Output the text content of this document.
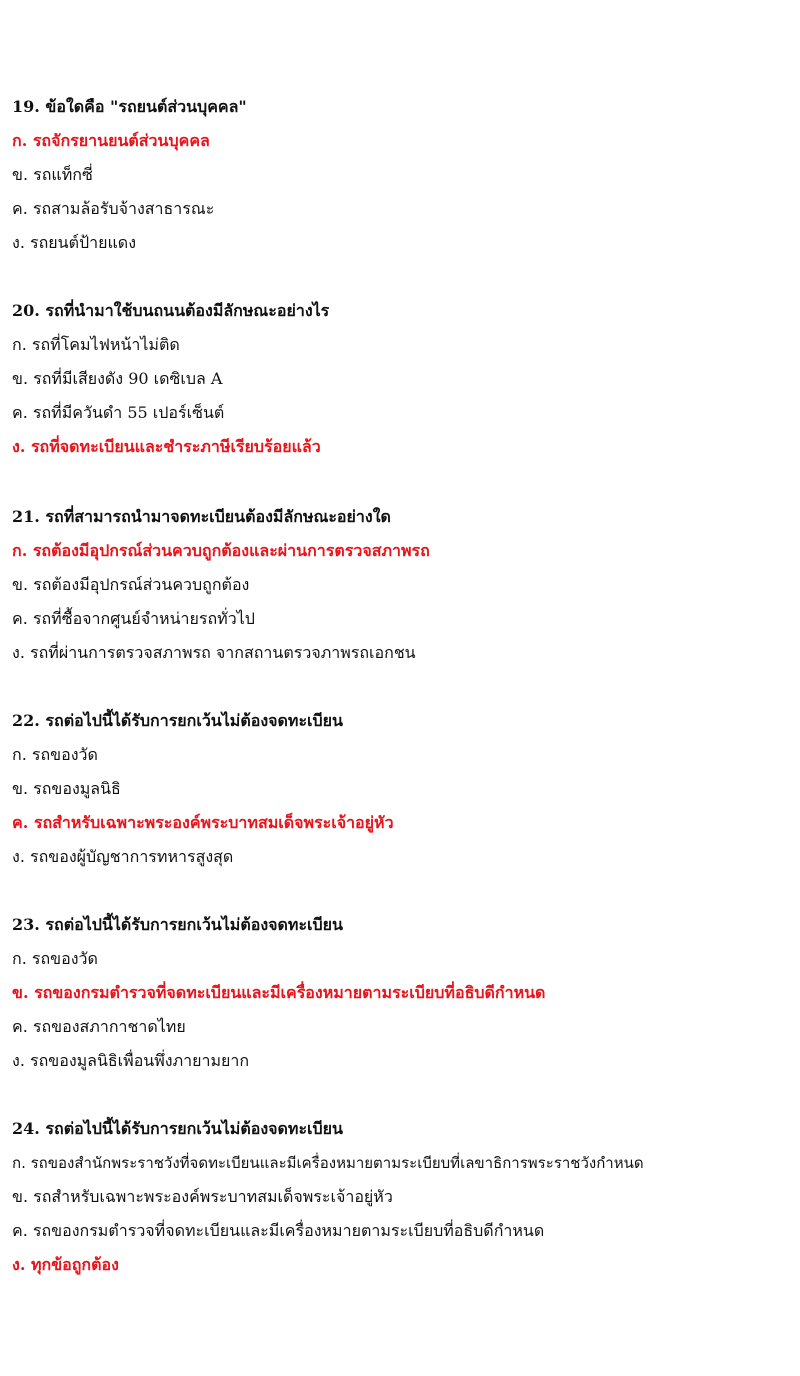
19. ข้อใดคือ "รถยนต์ส่วนบุคคล"
ก. รถจักรยานยนต์ส่วนบุคคล
ข. รถแท็กซี่
ค. รถสามล้อรับจ้างสาธารณะ
ง. รถยนต์ป้ายแดง
20. รถที่นำมาใช้บนถนนต้องมีลักษณะอย่างไร
ก. รถที่โคมไฟหน้าไม่ติด
ข. รถที่มีเสียงดัง 90 เดซิเบล A
ค. รถที่มีควันดำ 55 เปอร์เซ็นต์
ง. รถที่จดทะเบียนและชำระภาษีเรียบร้อยแล้ว
21. รถที่สามารถนำมาจดทะเบียนต้องมีลักษณะอย่างใด
ก. รถต้องมีอุปกรณ์ส่วนควบถูกต้องและผ่านการตรวจสภาพรถ
ข. รถต้องมีอุปกรณ์ส่วนควบถูกต้อง
ค. รถที่ซื้อจากศูนย์จำหน่ายรถทั่วไป
ง. รถที่ผ่านการตรวจสภาพรถ จากสถานตรวจภาพรถเอกชน
22. รถต่อไปนี้ได้รับการยกเว้นไม่ต้องจดทะเบียน
ก. รถของวัด
ข. รถของมูลนิธิ
ค. รถสำหรับเฉพาะพระองค์พระบาทสมเด็จพระเจ้าอยู่หัว
ง. รถของผู้บัญชาการทหารสูงสุด
23. รถต่อไปนี้ได้รับการยกเว้นไม่ต้องจดทะเบียน
ก. รถของวัด
ข. รถของกรมตำรวจที่จดทะเบียนและมีเครื่องหมายตามระเบียบที่อธิบดีกำหนด
ค. รถของสภากาชาดไทย
ง. รถของมูลนิธิเพื่อนพึ่งภายามยาก
24. รถต่อไปนี้ได้รับการยกเว้นไม่ต้องจดทะเบียน
ก. รถของสำนักพระราชวังที่จดทะเบียนและมีเครื่องหมายตามระเบียบที่เลขาธิการพระราชวังกำหนด
ข. รถสำหรับเฉพาะพระองค์พระบาทสมเด็จพระเจ้าอยู่หัว
ค. รถของกรมตำรวจที่จดทะเบียนและมีเครื่องหมายตามระเบียบที่อธิบดีกำหนด
ง. ทุกข้อถูกต้อง
